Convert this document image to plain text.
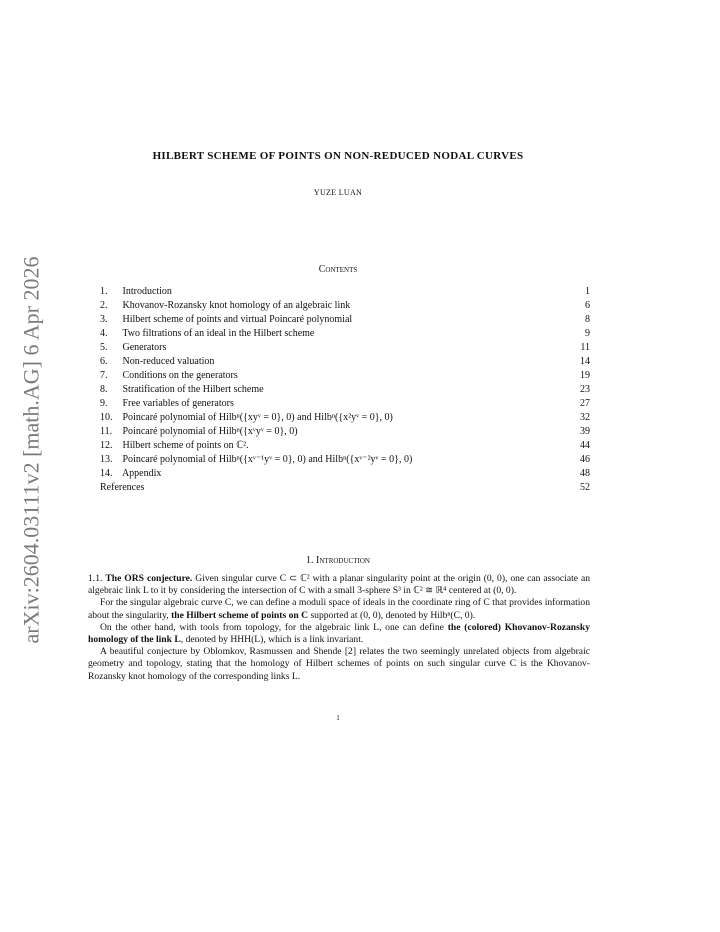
arXiv:2604.03111v2 [math.AG] 6 Apr 2026
HILBERT SCHEME OF POINTS ON NON-REDUCED NODAL CURVES
YUZE LUAN
Contents
1. Introduction	1
2. Khovanov-Rozansky knot homology of an algebraic link	6
3. Hilbert scheme of points and virtual Poincaré polynomial	8
4. Two filtrations of an ideal in the Hilbert scheme	9
5. Generators	11
6. Non-reduced valuation	14
7. Conditions on the generators	19
8. Stratification of the Hilbert scheme	23
9. Free variables of generators	27
10. Poincaré polynomial of Hilbⁿ({xyᵛ = 0}, 0) and Hilbⁿ({x²yᵛ = 0}, 0)	32
11. Poincaré polynomial of Hilbⁿ({xᵛyᵛ = 0}, 0)	39
12. Hilbert scheme of points on ℂ².	44
13. Poincaré polynomial of Hilbⁿ({xᵛ⁻¹yᵛ = 0}, 0) and Hilbⁿ({xᵛ⁻²yᵛ = 0}, 0)	46
14. Appendix	48
References	52
1. Introduction

1.1. The ORS conjecture. Given singular curve C ⊂ ℂ² with a planar singularity point at the origin (0, 0), one can associate an algebraic link L to it by considering the intersection of C with a small 3-sphere S³ in ℂ² ≅ ℝ⁴ centered at (0, 0).

For the singular algebraic curve C, we can define a moduli space of ideals in the coordinate ring of C that provides information about the singularity, the Hilbert scheme of points on C supported at (0, 0), denoted by Hilbⁿ(C, 0).

On the other hand, with tools from topology, for the algebraic link L, one can define the (colored) Khovanov-Rozansky homology of the link L, denoted by HHH(L), which is a link invariant.

A beautiful conjecture by Oblomkov, Rasmussen and Shende [2] relates the two seemingly unrelated objects from algebraic geometry and topology, stating that the homology of Hilbert schemes of points on such singular curve C is the Khovanov-Rozansky knot homology of the corresponding links L.

1
